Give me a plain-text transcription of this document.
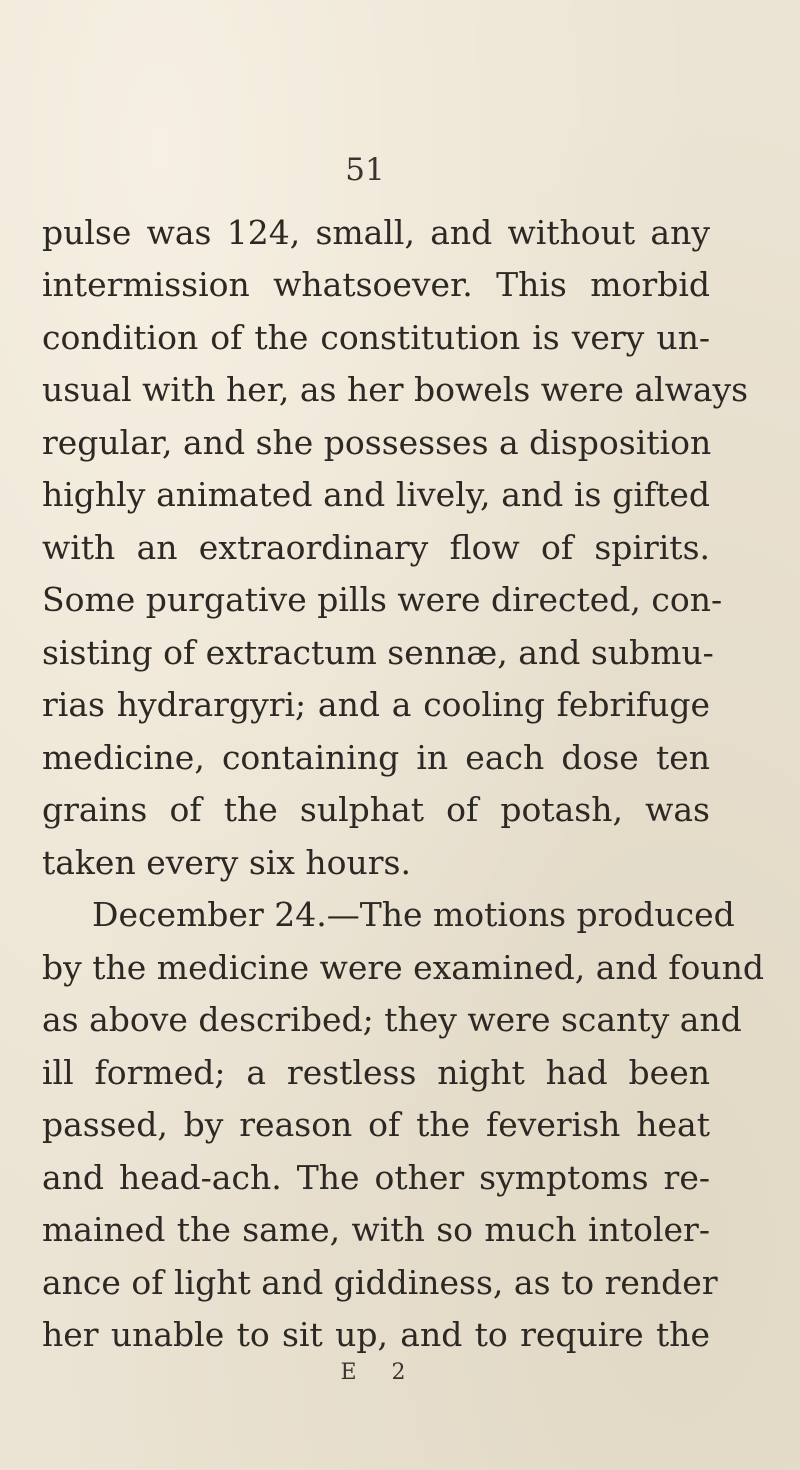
51
pulse was 124, small, and without any
intermission whatsoever. This morbid
condition of the constitution is very un-
usual with her, as her bowels were always
regular, and she possesses a disposition
highly animated and lively, and is gifted
with an extraordinary flow of spirits.
Some purgative pills were directed, con-
sisting of extractum sennæ, and submu-
rias hydrargyri; and a cooling febrifuge
medicine, containing in each dose ten
grains of the sulphat of potash, was
taken every six hours.
December 24.—The motions produced
by the medicine were examined, and found
as above described; they were scanty and
ill formed; a restless night had been
passed, by reason of the feverish heat
and head-ach. The other symptoms re-
mained the same, with so much intoler-
ance of light and giddiness, as to render
her unable to sit up, and to require the
E 2
